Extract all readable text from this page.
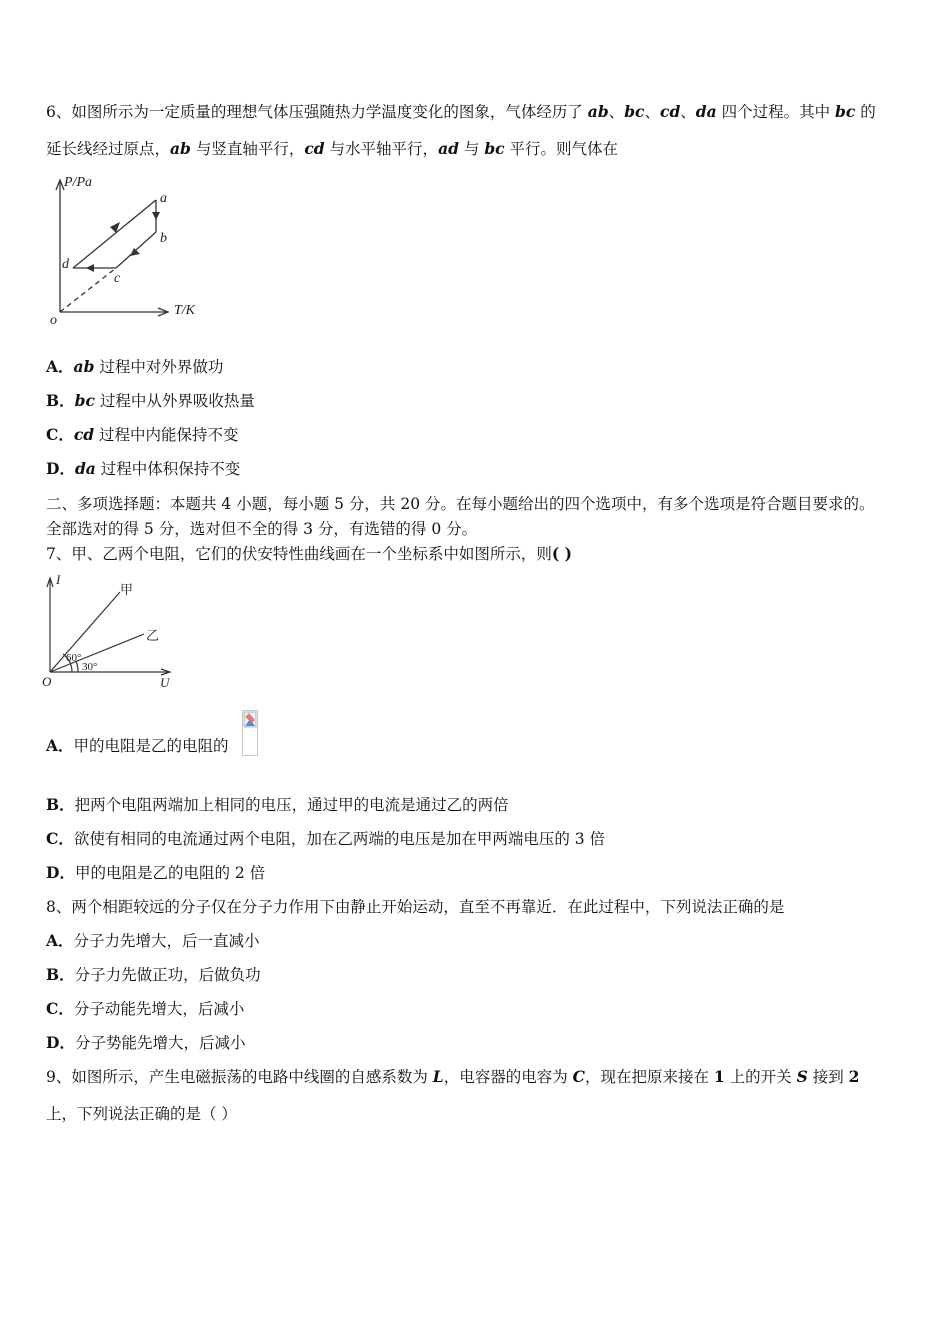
6、如图所示为一定质量的理想气体压强随热力学温度变化的图象，气体经历了 ab、bc、cd、da 四个过程。其中 bc 的
延长线经过原点，ab 与竖直轴平行，cd 与水平轴平行，ad 与 bc 平行。则气体在
P/Pa
T/K
o
a
b
c
d
A．ab 过程中对外界做功
B．bc 过程中从外界吸收热量
C．cd 过程中内能保持不变
D．da 过程中体积保持不变
二、多项选择题：本题共 4 小题，每小题 5 分，共 20 分。在每小题给出的四个选项中，有多个选项是符合题目要求的。
全部选对的得 5 分，选对但不全的得 3 分，有选错的得 0 分。
7、甲、乙两个电阻，它们的伏安特性曲线画在一个坐标系中如图所示，则( )
I
U
O
甲
乙
60°
30°
A．甲的电阻是乙的电阻的
B．把两个电阻两端加上相同的电压，通过甲的电流是通过乙的两倍
C．欲使有相同的电流通过两个电阻，加在乙两端的电压是加在甲两端电压的 3 倍
D．甲的电阻是乙的电阻的 2 倍
8、两个相距较远的分子仅在分子力作用下由静止开始运动，直至不再靠近．在此过程中，下列说法正确的是
A．分子力先增大，后一直减小
B．分子力先做正功，后做负功
C．分子动能先增大，后减小
D．分子势能先增大，后减小
9、如图所示，产生电磁振荡的电路中线圈的自感系数为 L，电容器的电容为 C，现在把原来接在 1 上的开关 S 接到 2
上，下列说法正确的是（ ）
